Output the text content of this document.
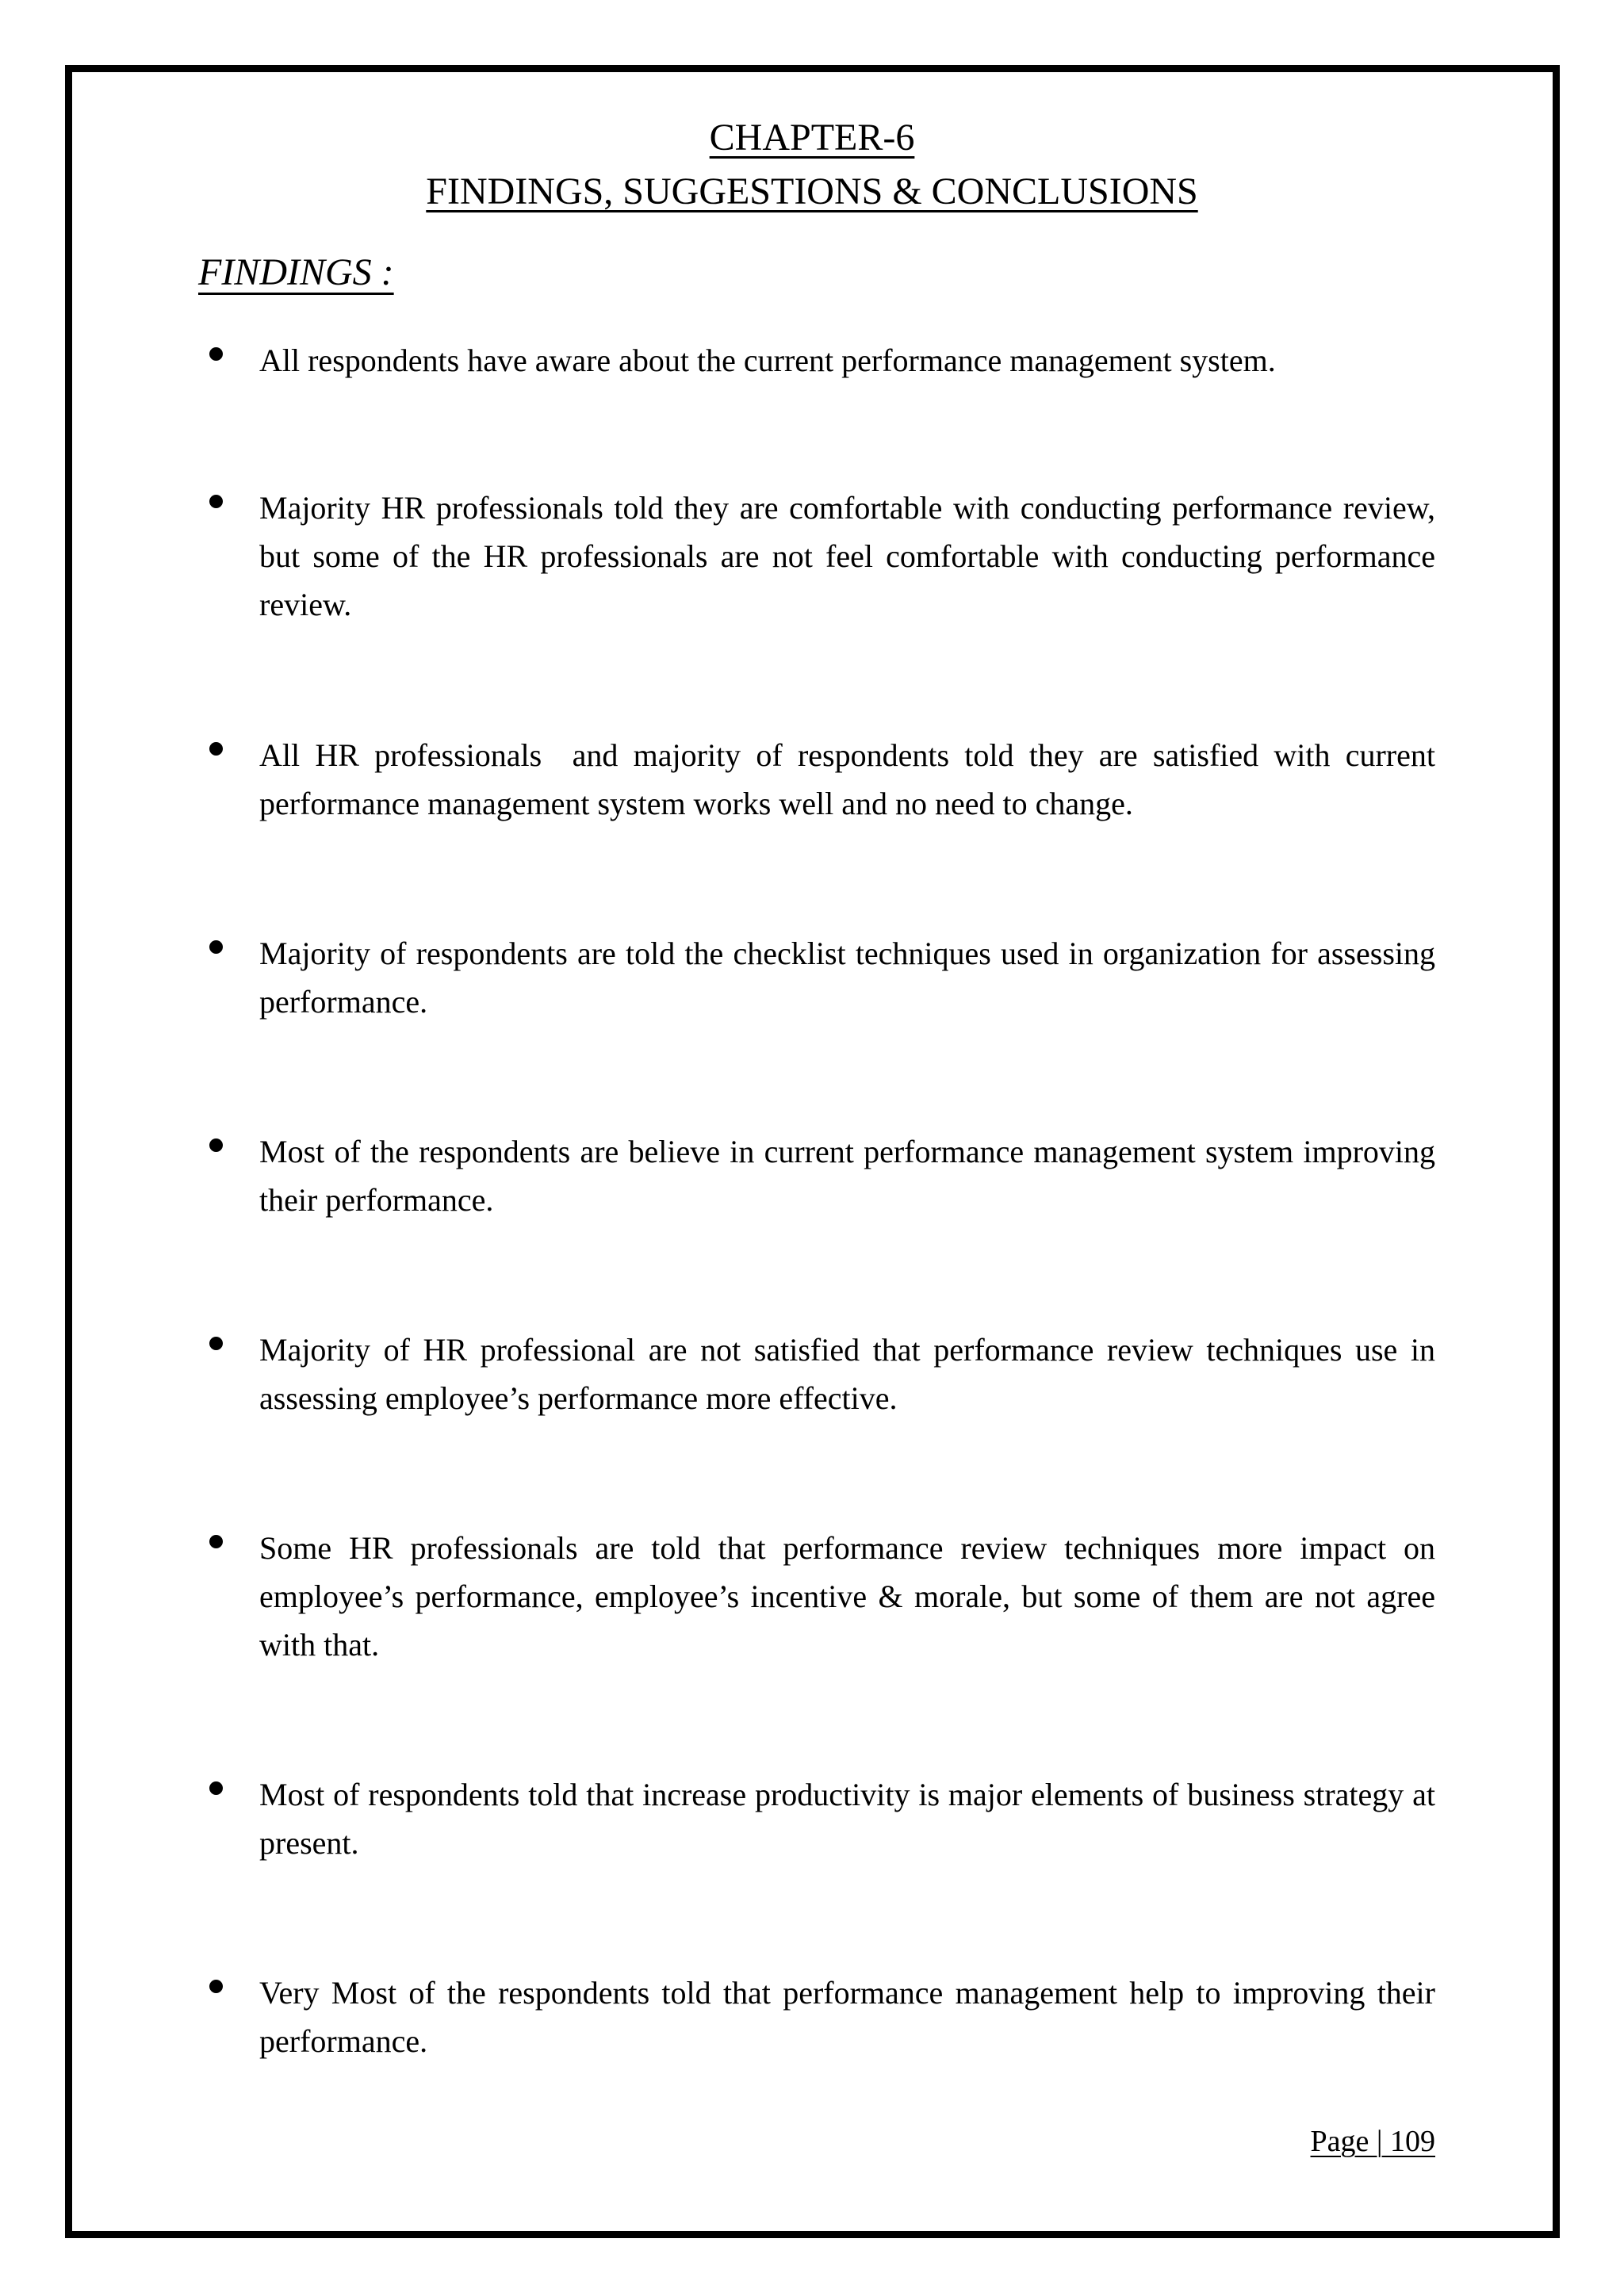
CHAPTER-6
FINDINGS, SUGGESTIONS & CONCLUSIONS
FINDINGS :

All respondents have aware about the current performance management system.

Majority HR professionals told they are comfortable with conducting performance review, but some of the HR professionals are not feel comfortable with conducting performance review.

All HR professionals  and majority of respondents told they are satisfied with current performance management system works well and no need to change.

Majority of respondents are told the checklist techniques used in organization for assessing performance.

Most of the respondents are believe in current performance management system improving their performance.

Majority of HR professional are not satisfied that performance review techniques use in assessing employee’s performance more effective.

Some HR professionals are told that performance review techniques more impact on employee’s performance, employee’s incentive & morale, but some of them are not agree with that.

Most of respondents told that increase productivity is major elements of business strategy at present.

Very Most of the respondents told that performance management help to improving their performance.

Page | 109
